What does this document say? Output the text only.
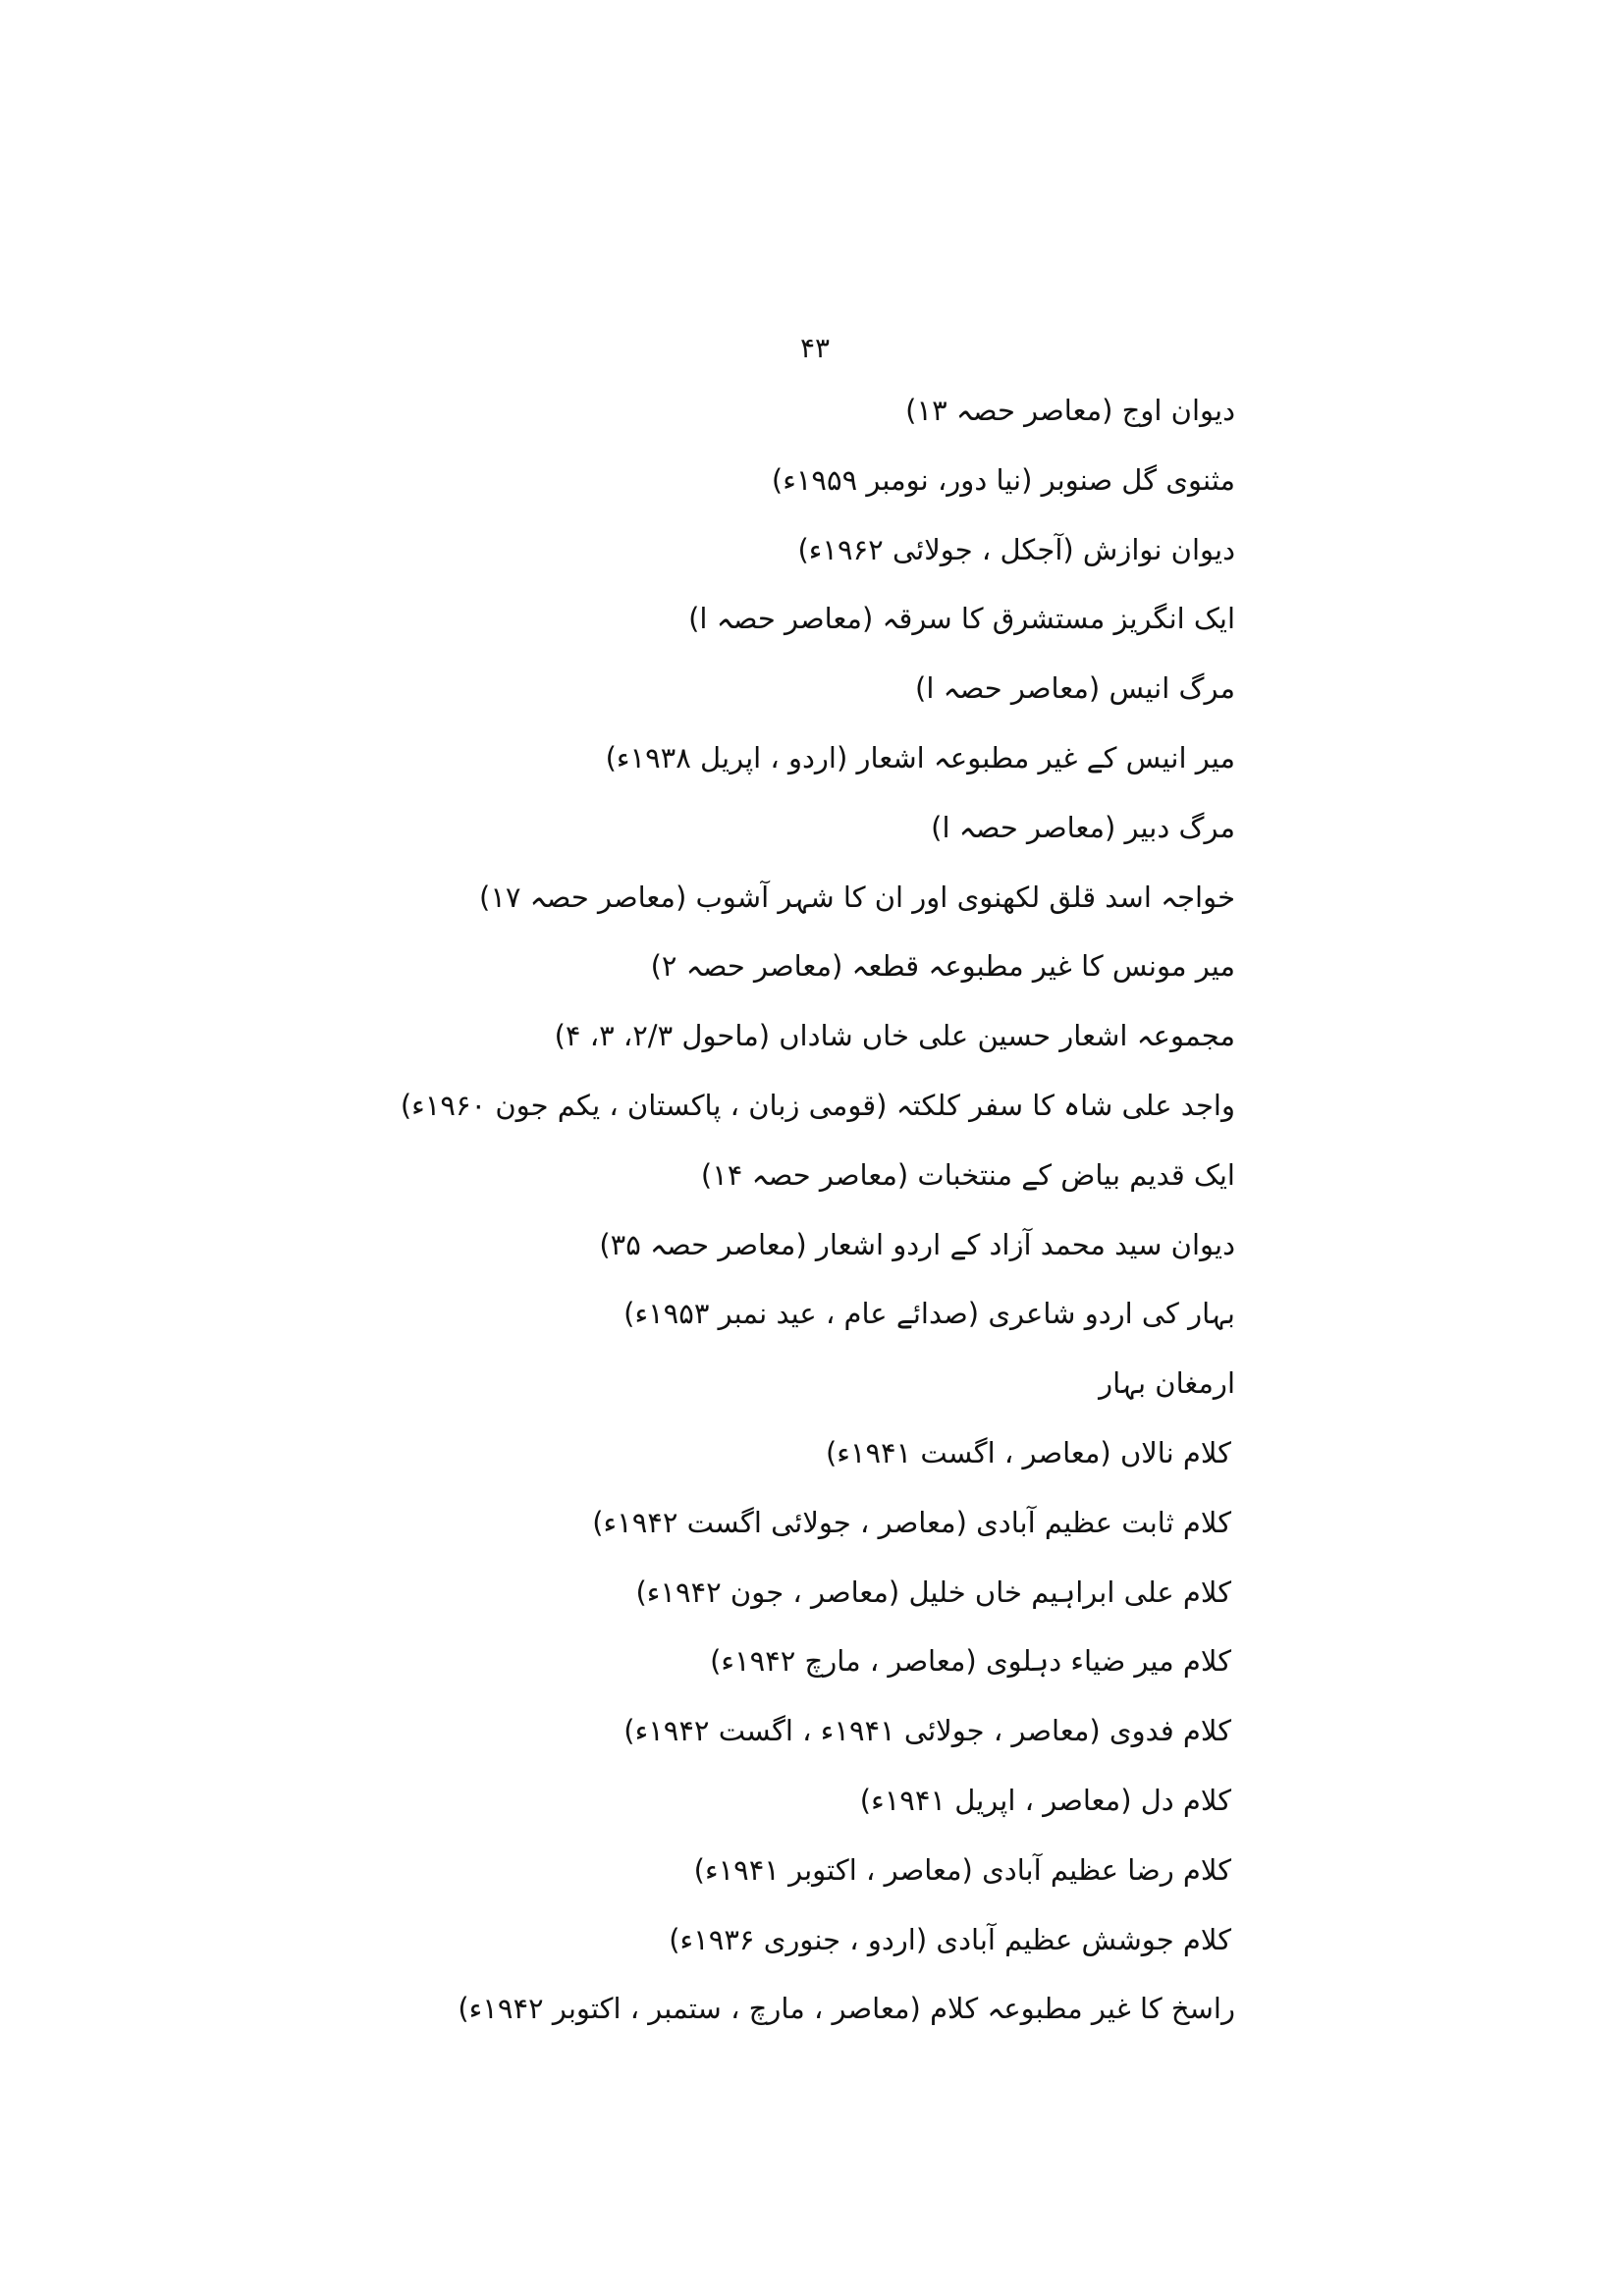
۴۳
دیوان اوج (معاصر حصہ ۱۳)
مثنوی گل صنوبر (نیا دور، نومبر ۱۹۵۹ء)
دیوان نوازش (آجکل ، جولائی ۱۹۶۲ء)
ایک انگریز مستشرق کا سرقہ (معاصر حصہ ا)
مرگ انیس (معاصر حصہ ا)
میر انیس کے غیر مطبوعہ اشعار (اردو ، اپریل ۱۹۳۸ء)
مرگ دبیر (معاصر حصہ ا)
خواجہ اسد قلق لکھنوی اور ان کا شہر آشوب (معاصر حصہ ۱۷)
میر مونس کا غیر مطبوعہ قطعہ (معاصر حصہ ۲)
مجموعہ اشعار حسین علی خاں شاداں (ماحول ۲/۳، ۳، ۴)
واجد علی شاہ کا سفر کلکتہ (قومی زبان ، پاکستان ، یکم جون ۱۹۶۰ء)
ایک قدیم بیاض کے منتخبات (معاصر حصہ ۱۴)
دیوان سید محمد آزاد کے اردو اشعار (معاصر حصہ ۳۵)
بہار کی اردو شاعری (صدائے عام ، عید نمبر ۱۹۵۳ء)
ارمغان بہار
کلام نالاں (معاصر ، اگست ۱۹۴۱ء)
کلام ثابت عظیم آبادی (معاصر ، جولائی اگست ۱۹۴۲ء)
کلام علی ابراہیم خاں خلیل (معاصر ، جون ۱۹۴۲ء)
کلام میر ضیاء دہلوی (معاصر ، مارچ ۱۹۴۲ء)
کلام فدوی (معاصر ، جولائی ۱۹۴۱ء ، اگست ۱۹۴۲ء)
کلام دل (معاصر ، اپریل ۱۹۴۱ء)
کلام رضا عظیم آبادی (معاصر ، اکتوبر ۱۹۴۱ء)
کلام جوشش عظیم آبادی (اردو ، جنوری ۱۹۳۶ء)
راسخ کا غیر مطبوعہ کلام (معاصر ، مارچ ، ستمبر ، اکتوبر ۱۹۴۲ء)
